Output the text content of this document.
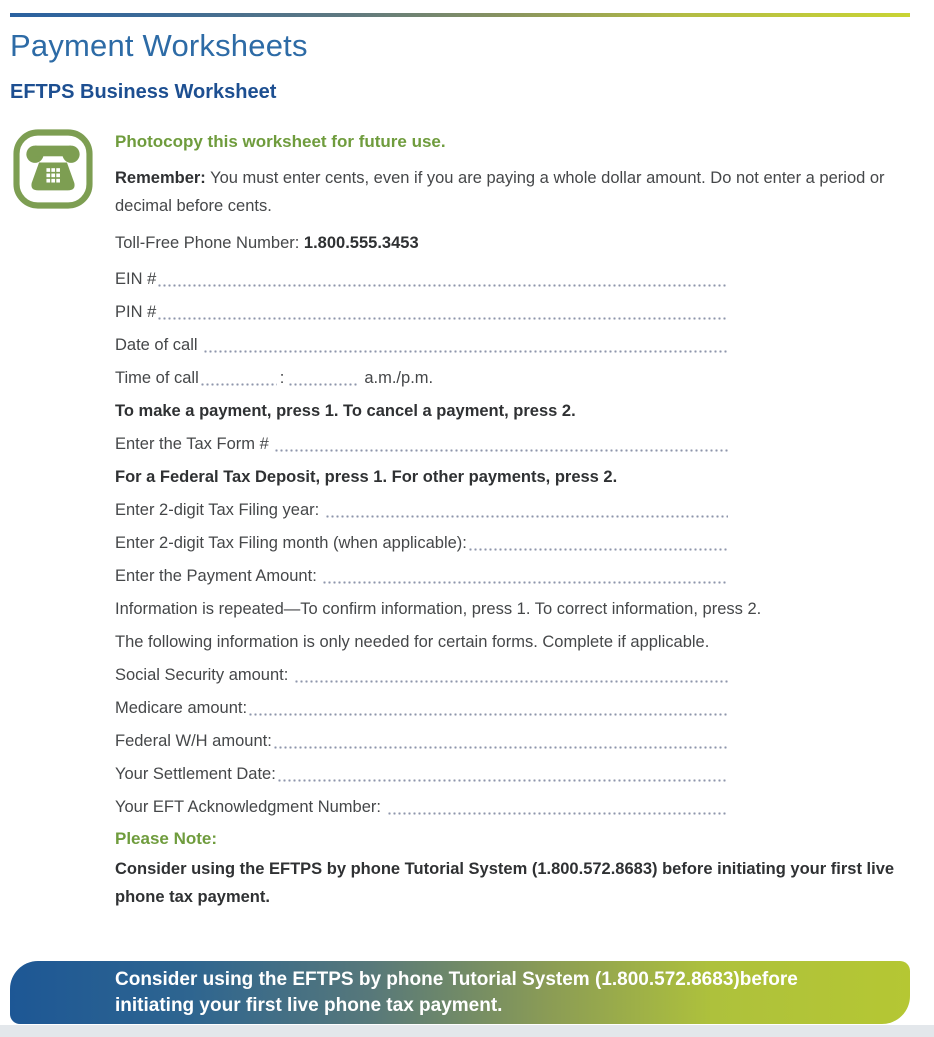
Payment Worksheets
EFTPS Business Worksheet

Photocopy this worksheet for future use.

Remember: You must enter cents, even if you are paying a whole dollar amount. Do not enter a period or decimal before cents.

Toll-Free Phone Number: 1.800.555.3453

EIN #
PIN #
Date of call
Time of call	:	a.m./p.m.
To make a payment, press 1. To cancel a payment, press 2.
Enter the Tax Form #
For a Federal Tax Deposit, press 1. For other payments, press 2.
Enter 2-digit Tax Filing year:
Enter 2-digit Tax Filing month (when applicable):
Enter the Payment Amount:
Information is repeated—To confirm information, press 1. To correct information, press 2.
The following information is only needed for certain forms. Complete if applicable.
Social Security amount:
Medicare amount:
Federal W/H amount:
Your Settlement Date:
Your EFT Acknowledgment Number:

Please Note:

Consider using the EFTPS by phone Tutorial System (1.800.572.8683) before initiating your first live phone tax payment.

Consider using the EFTPS by phone Tutorial System (1.800.572.8683)before initiating your first live phone tax payment.
